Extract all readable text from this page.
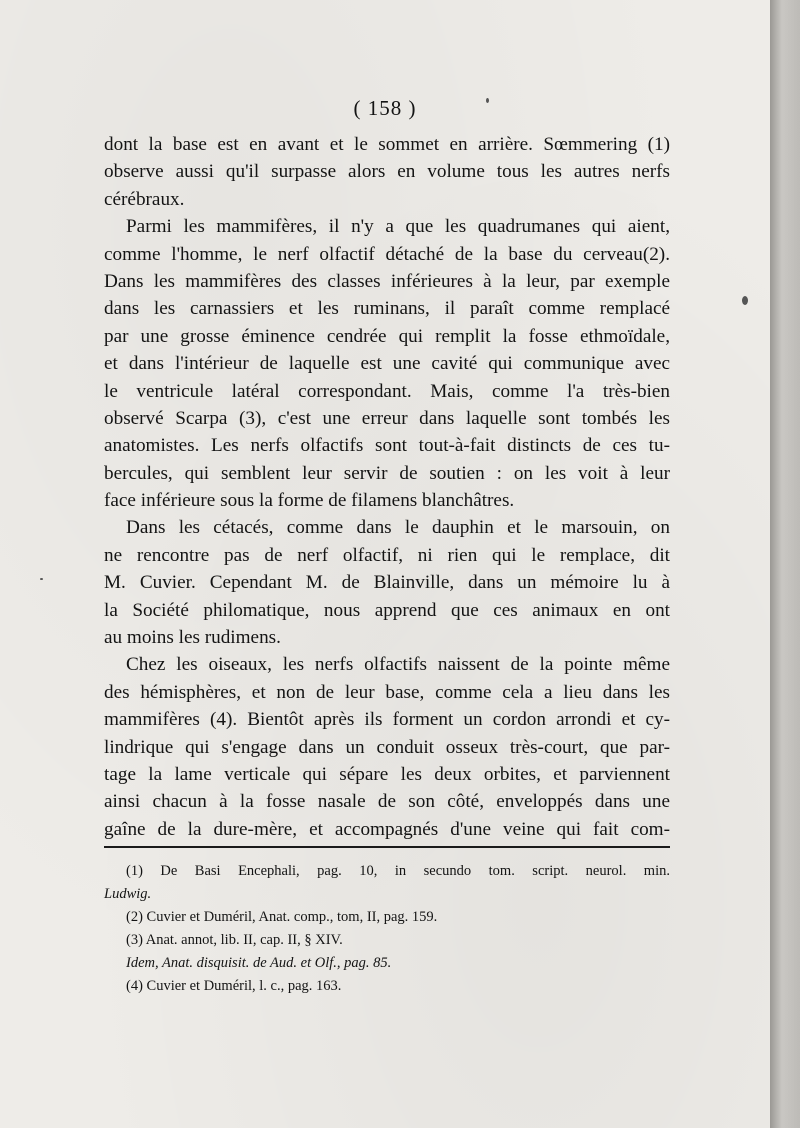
( 158 )
dont la base est en avant et le sommet en arrière. Sœmmering (1)
observe aussi qu'il surpasse alors en volume tous les autres nerfs
cérébraux.
Parmi les mammifères, il n'y a que les quadrumanes qui aient,
comme l'homme, le nerf olfactif détaché de la base du cerveau(2).
Dans les mammifères des classes inférieures à la leur, par exemple
dans les carnassiers et les ruminans, il paraît comme remplacé
par une grosse éminence cendrée qui remplit la fosse ethmoïdale,
et dans l'intérieur de laquelle est une cavité qui communique avec
le ventricule latéral correspondant. Mais, comme l'a très-bien
observé Scarpa (3), c'est une erreur dans laquelle sont tombés les
anatomistes. Les nerfs olfactifs sont tout-à-fait distincts de ces tu-
bercules, qui semblent leur servir de soutien : on les voit à leur
face inférieure sous la forme de filamens blanchâtres.
Dans les cétacés, comme dans le dauphin et le marsouin, on
ne rencontre pas de nerf olfactif, ni rien qui le remplace, dit
M. Cuvier. Cependant M. de Blainville, dans un mémoire lu à
la Société philomatique, nous apprend que ces animaux en ont
au moins les rudimens.
Chez les oiseaux, les nerfs olfactifs naissent de la pointe même
des hémisphères, et non de leur base, comme cela a lieu dans les
mammifères (4). Bientôt après ils forment un cordon arrondi et cy-
lindrique qui s'engage dans un conduit osseux très-court, que par-
tage la lame verticale qui sépare les deux orbites, et parviennent
ainsi chacun à la fosse nasale de son côté, enveloppés dans une
gaîne de la dure-mère, et accompagnés d'une veine qui fait com-
(1) De Basi Encephali, pag. 10, in secundo tom. script. neurol. min.
Ludwig.
(2) Cuvier et Duméril, Anat. comp., tom, II, pag. 159.
(3) Anat. annot, lib. II, cap. II, § XIV.
Idem, Anat. disquisit. de Aud. et Olf., pag. 85.
(4) Cuvier et Duméril, l. c., pag. 163.
